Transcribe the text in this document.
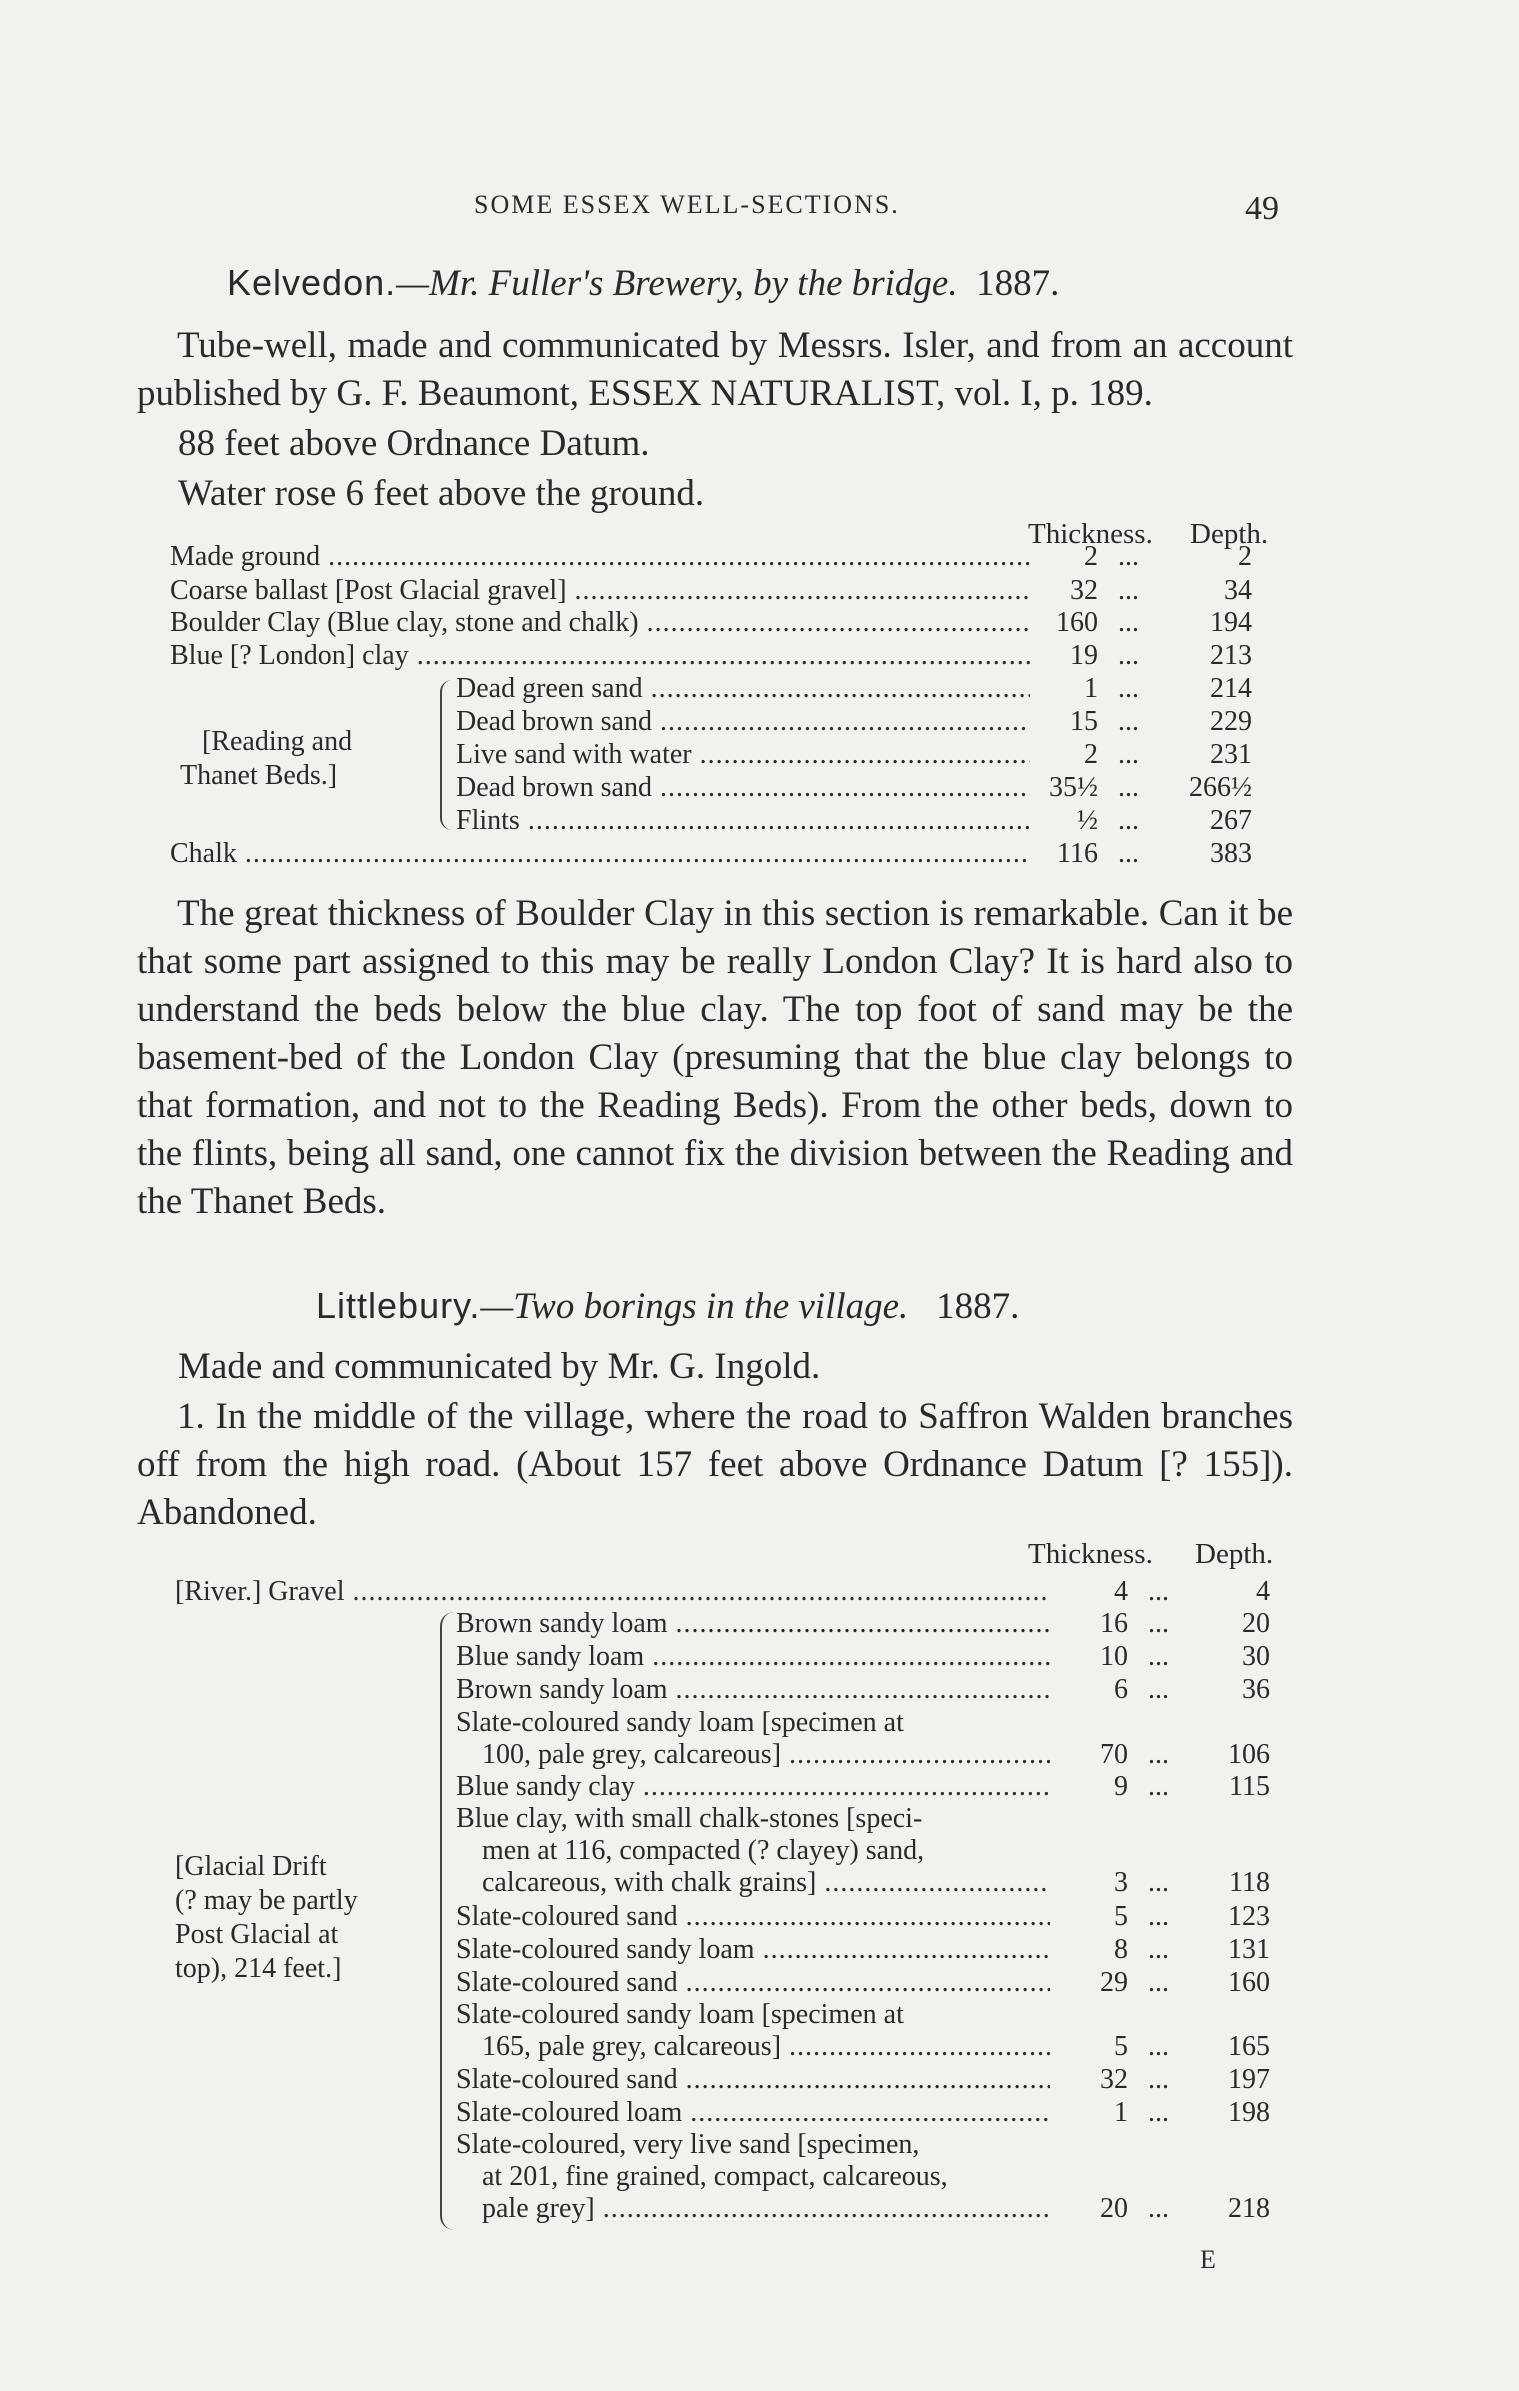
SOME ESSEX WELL-SECTIONS.	49
Kelvedon.—Mr. Fuller's Brewery, by the bridge. 1887.
Tube-well, made and communicated by Messrs. Isler, and from an account published by G. F. Beaumont, ESSEX NATURALIST, vol. I, p. 189.
88 feet above Ordnance Datum.
Water rose 6 feet above the ground.
Thickness. Depth.
Made ground .....	2 ...	2
Coarse ballast [Post Glacial gravel] .....	32 ...	34
Boulder Clay (Blue clay, stone and chalk) .....	160 ...	194
Blue [? London] clay .....	19 ...	213
Dead green sand .....	1 ...	214
Dead brown sand .....	15 ...	229
Live sand with water .....	2 ...	231
Dead brown sand .....	35½ ... 266½
Flints .....	½ ...	267
Chalk .....	116 ...	383
[Reading and
Thanet Beds.]
The great thickness of Boulder Clay in this section is remarkable. Can it be that some part assigned to this may be really London Clay? It is hard also to understand the beds below the blue clay. The top foot of sand may be the basement-bed of the London Clay (presuming that the blue clay belongs to that formation, and not to the Reading Beds). From the other beds, down to the flints, being all sand, one cannot fix the division between the Reading and the Thanet Beds.
Littlebury.—Two borings in the village. 1887.
Made and communicated by Mr. G. Ingold.
1. In the middle of the village, where the road to Saffron Walden branches off from the high road. (About 157 feet above Ordnance Datum [? 155]). Abandoned.
Thickness. Depth.
[River.] Gravel .....	4 ...	4
Brown sandy loam .....	16 ...	20
Blue sandy loam .....	10 ...	30
Brown sandy loam .....	6 ...	36
Slate-coloured sandy loam [specimen at
100, pale grey, calcareous] .....	70 ...	106
Blue sandy clay .....	9 ...	115
Blue clay, with small chalk-stones [speci-
men at 116, compacted (? clayey) sand,
calcareous, with chalk grains] .....	3 ...	118
Slate-coloured sand .....	5 ...	123
Slate-coloured sandy loam .....	8 ...	131
Slate-coloured sand .....	29 ...	160
Slate-coloured sandy loam [specimen at
165, pale grey, calcareous] .....	5 ...	165
Slate-coloured sand .....	32 ...	197
Slate-coloured loam .....	1 ...	198
Slate-coloured, very live sand [specimen,
at 201, fine grained, compact, calcareous,
pale grey] .....	20 ...	218
[Glacial Drift
(? may be partly
Post Glacial at
top), 214 feet.]
E
